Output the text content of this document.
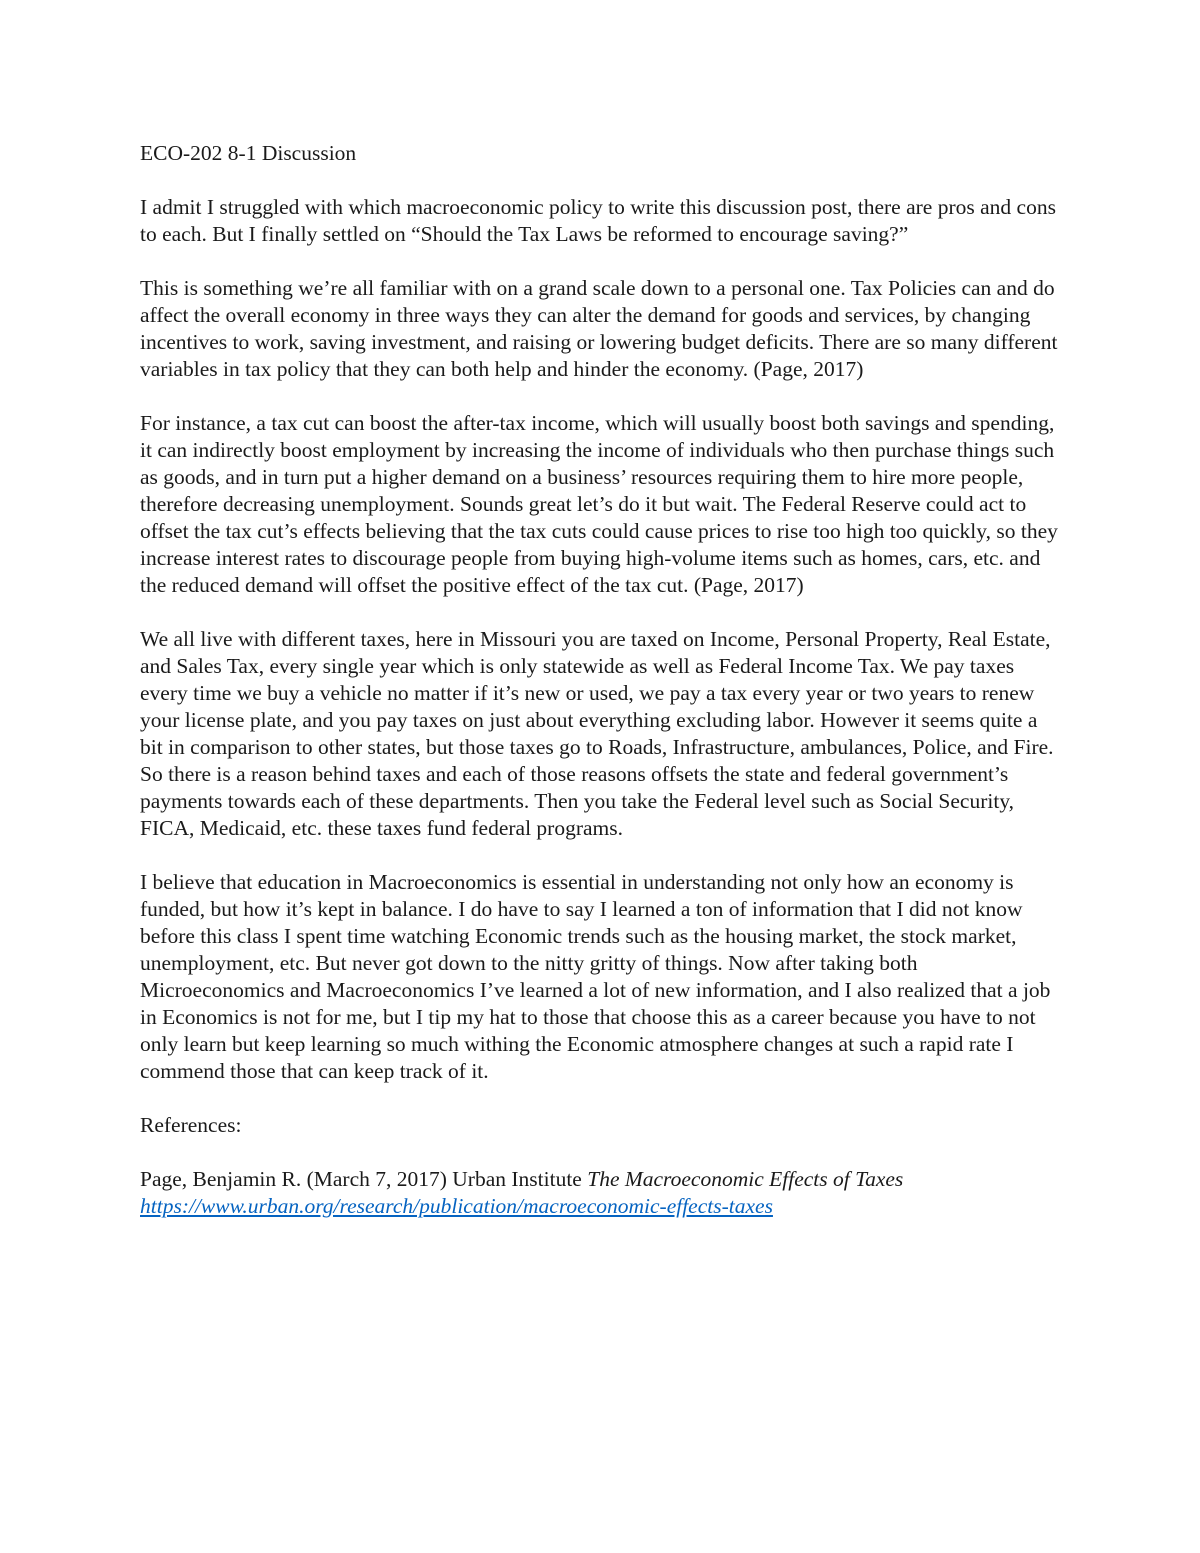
ECO-202 8-1 Discussion

I admit I struggled with which macroeconomic policy to write this discussion post, there are pros and cons to each. But I finally settled on “Should the Tax Laws be reformed to encourage saving?”

This is something we’re all familiar with on a grand scale down to a personal one. Tax Policies can and do affect the overall economy in three ways they can alter the demand for goods and services, by changing incentives to work, saving investment, and raising or lowering budget deficits. There are so many different variables in tax policy that they can both help and hinder the economy. (Page, 2017)

For instance, a tax cut can boost the after-tax income, which will usually boost both savings and spending, it can indirectly boost employment by increasing the income of individuals who then purchase things such as goods, and in turn put a higher demand on a business’ resources requiring them to hire more people, therefore decreasing unemployment. Sounds great let’s do it but wait. The Federal Reserve could act to offset the tax cut’s effects believing that the tax cuts could cause prices to rise too high too quickly, so they increase interest rates to discourage people from buying high-volume items such as homes, cars, etc. and the reduced demand will offset the positive effect of the tax cut. (Page, 2017)

We all live with different taxes, here in Missouri you are taxed on Income, Personal Property, Real Estate, and Sales Tax, every single year which is only statewide as well as Federal Income Tax. We pay taxes every time we buy a vehicle no matter if it’s new or used, we pay a tax every year or two years to renew your license plate, and you pay taxes on just about everything excluding labor. However it seems quite a bit in comparison to other states, but those taxes go to Roads, Infrastructure, ambulances, Police, and Fire. So there is a reason behind taxes and each of those reasons offsets the state and federal government’s payments towards each of these departments. Then you take the Federal level such as Social Security, FICA, Medicaid, etc. these taxes fund federal programs.

I believe that education in Macroeconomics is essential in understanding not only how an economy is funded, but how it’s kept in balance. I do have to say I learned a ton of information that I did not know before this class I spent time watching Economic trends such as the housing market, the stock market, unemployment, etc. But never got down to the nitty gritty of things. Now after taking both Microeconomics and Macroeconomics I’ve learned a lot of new information, and I also realized that a job in Economics is not for me, but I tip my hat to those that choose this as a career because you have to not only learn but keep learning so much withing the Economic atmosphere changes at such a rapid rate I commend those that can keep track of it.

References:

Page, Benjamin R. (March 7, 2017) Urban Institute The Macroeconomic Effects of Taxes
https://www.urban.org/research/publication/macroeconomic-effects-taxes
